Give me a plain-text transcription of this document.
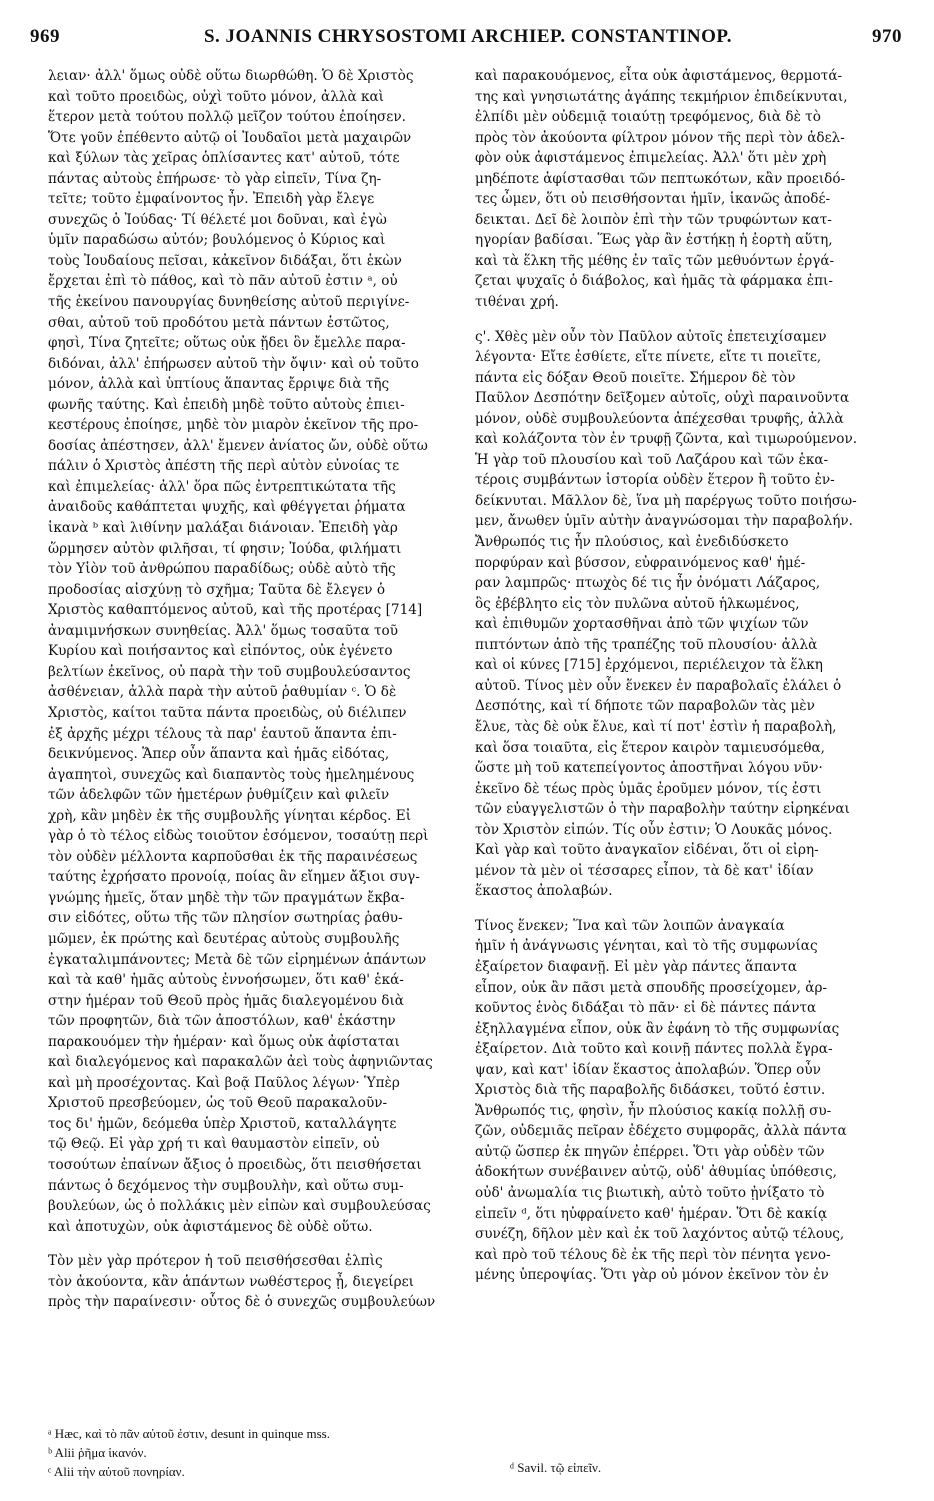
969	S. JOANNIS CHRYSOSTOMI ARCHIEP. CONSTANTINOP.	970

λειαν· ἀλλ' ὅμως οὐδὲ οὕτω διωρθώθη. Ὁ δὲ Χριστὸς
καὶ τοῦτο προειδὼς, οὐχὶ τοῦτο μόνον, ἀλλὰ καὶ
ἕτερον μετὰ τούτου πολλῷ μεῖζον τούτου ἐποίησεν.
Ὅτε γοῦν ἐπέθεντο αὐτῷ οἱ Ἰουδαῖοι μετὰ μαχαιρῶν
καὶ ξύλων τὰς χεῖρας ὁπλίσαντες κατ' αὐτοῦ, τότε
πάντας αὐτοὺς ἐπήρωσε· τὸ γὰρ εἰπεῖν, Τίνα ζη-
τεῖτε; τοῦτο ἐμφαίνοντος ἦν. Ἐπειδὴ γὰρ ἔλεγε
συνεχῶς ὁ Ἰούδας· Τί θέλετέ μοι δοῦναι, καὶ ἐγὼ
ὑμῖν παραδώσω αὐτόν; βουλόμενος ὁ Κύριος καὶ
τοὺς Ἰουδαίους πεῖσαι, κἀκεῖνον διδάξαι, ὅτι ἑκὼν
ἔρχεται ἐπὶ τὸ πάθος, καὶ τὸ πᾶν αὐτοῦ ἐστιν ᵃ, οὐ
τῆς ἐκείνου πανουργίας δυνηθείσης αὐτοῦ περιγίνε-
σθαι, αὐτοῦ τοῦ προδότου μετὰ πάντων ἑστῶτος,
φησὶ, Τίνα ζητεῖτε; οὕτως οὐκ ᾔδει ὃν ἔμελλε παρα-
διδόναι, ἀλλ' ἐπήρωσεν αὐτοῦ τὴν ὄψιν· καὶ οὐ τοῦτο
μόνον, ἀλλὰ καὶ ὑπτίους ἅπαντας ἔρριψε διὰ τῆς
φωνῆς ταύτης. Καὶ ἐπειδὴ μηδὲ τοῦτο αὐτοὺς ἐπιει-
κεστέρους ἐποίησε, μηδὲ τὸν μιαρὸν ἐκεῖνον τῆς προ-
δοσίας ἀπέστησεν, ἀλλ' ἔμενεν ἀνίατος ὤν, οὐδὲ οὕτω
πάλιν ὁ Χριστὸς ἀπέστη τῆς περὶ αὐτὸν εὐνοίας τε
καὶ ἐπιμελείας· ἀλλ' ὅρα πῶς ἐντρεπτικώτατα τῆς
ἀναιδοῦς καθάπτεται ψυχῆς, καὶ φθέγγεται ῥήματα
ἱκανὰ ᵇ καὶ λιθίνην μαλάξαι διάνοιαν. Ἐπειδὴ γὰρ
ὥρμησεν αὐτὸν φιλῆσαι, τί φησιν; Ἰούδα, φιλήματι
τὸν Υἱὸν τοῦ ἀνθρώπου παραδίδως; οὐδὲ αὐτὸ τῆς
προδοσίας αἰσχύνῃ τὸ σχῆμα; Ταῦτα δὲ ἔλεγεν ὁ
Χριστὸς καθαπτόμενος αὐτοῦ, καὶ τῆς προτέρας [714]
ἀναμιμνήσκων συνηθείας. Ἀλλ' ὅμως τοσαῦτα τοῦ
Κυρίου καὶ ποιήσαντος καὶ εἰπόντος, οὐκ ἐγένετο
βελτίων ἐκεῖνος, οὐ παρὰ τὴν τοῦ συμβουλεύσαντος
ἀσθένειαν, ἀλλὰ παρὰ τὴν αὐτοῦ ῥαθυμίαν ᶜ. Ὁ δὲ
Χριστὸς, καίτοι ταῦτα πάντα προειδὼς, οὐ διέλιπεν
ἐξ ἀρχῆς μέχρι τέλους τὰ παρ' ἑαυτοῦ ἅπαντα ἐπι-
δεικνύμενος. Ἅπερ οὖν ἅπαντα καὶ ἡμᾶς εἰδότας,
ἀγαπητοὶ, συνεχῶς καὶ διαπαντὸς τοὺς ἠμελημένους
τῶν ἀδελφῶν τῶν ἡμετέρων ῥυθμίζειν καὶ φιλεῖν
χρὴ, κἂν μηδὲν ἐκ τῆς συμβουλῆς γίνηται κέρδος. Εἰ
γὰρ ὁ τὸ τέλος εἰδὼς τοιοῦτον ἐσόμενον, τοσαύτῃ περὶ
τὸν οὐδὲν μέλλοντα καρποῦσθαι ἐκ τῆς παραινέσεως
ταύτης ἐχρήσατο προνοίᾳ, ποίας ἂν εἴημεν ἄξιοι συγ-
γνώμης ἡμεῖς, ὅταν μηδὲ τὴν τῶν πραγμάτων ἔκβα-
σιν εἰδότες, οὕτω τῆς τῶν πλησίον σωτηρίας ῥαθυ-
μῶμεν, ἐκ πρώτης καὶ δευτέρας αὐτοὺς συμβουλῆς
ἐγκαταλιμπάνοντες; Μετὰ δὲ τῶν εἰρημένων ἁπάντων
καὶ τὰ καθ' ἡμᾶς αὐτοὺς ἐννοήσωμεν, ὅτι καθ' ἑκά-
στην ἡμέραν τοῦ Θεοῦ πρὸς ἡμᾶς διαλεγομένου διὰ
τῶν προφητῶν, διὰ τῶν ἀποστόλων, καθ' ἑκάστην
παρακουόμεν τὴν ἡμέραν· καὶ ὅμως οὐκ ἀφίσταται
καὶ διαλεγόμενος καὶ παρακαλῶν ἀεὶ τοὺς ἀφηνιῶντας
καὶ μὴ προσέχοντας. Καὶ βοᾷ Παῦλος λέγων· Ὑπὲρ
Χριστοῦ πρεσβεύομεν, ὡς τοῦ Θεοῦ παρακαλοῦν-
τος δι' ἡμῶν, δεόμεθα ὑπὲρ Χριστοῦ, καταλλάγητε
τῷ Θεῷ. Εἰ γὰρ χρή τι καὶ θαυμαστὸν εἰπεῖν, οὐ
τοσούτων ἐπαίνων ἄξιος ὁ προειδὼς, ὅτι πεισθήσεται
πάντως ὁ δεχόμενος τὴν συμβουλὴν, καὶ οὕτω συμ-
βουλεύων, ὡς ὁ πολλάκις μὲν εἰπὼν καὶ συμβουλεύσας
καὶ ἀποτυχὼν, οὐκ ἀφιστάμενος δὲ οὐδὲ οὕτω.

Τὸν μὲν γὰρ πρότερον ἡ τοῦ πεισθήσεσθαι ἐλπὶς
τὸν ἀκούοντα, κἂν ἁπάντων νωθέστερος ᾖ, διεγείρει
πρὸς τὴν παραίνεσιν· οὗτος δὲ ὁ συνεχῶς συμβουλεύων

καὶ παρακουόμενος, εἶτα οὐκ ἀφιστάμενος, θερμοτά-
της καὶ γνησιωτάτης ἀγάπης τεκμήριον ἐπιδείκνυται,
ἐλπίδι μὲν οὐδεμιᾷ τοιαύτῃ τρεφόμενος, διὰ δὲ τὸ
πρὸς τὸν ἀκούοντα φίλτρον μόνον τῆς περὶ τὸν ἀδελ-
φὸν οὐκ ἀφιστάμενος ἐπιμελείας. Ἀλλ' ὅτι μὲν χρὴ
μηδέποτε ἀφίστασθαι τῶν πεπτωκότων, κἂν προειδό-
τες ὦμεν, ὅτι οὐ πεισθήσονται ἡμῖν, ἱκανῶς ἀποδέ-
δεικται. Δεῖ δὲ λοιπὸν ἐπὶ τὴν τῶν τρυφώντων κατ-
ηγορίαν βαδίσαι. Ἕως γὰρ ἂν ἑστήκῃ ἡ ἑορτὴ αὕτη,
καὶ τὰ ἕλκη τῆς μέθης ἐν ταῖς τῶν μεθυόντων ἐργά-
ζεται ψυχαῖς ὁ διάβολος, καὶ ἡμᾶς τὰ φάρμακα ἐπι-
τιθέναι χρή.

ς'. Χθὲς μὲν οὖν τὸν Παῦλον αὐτοῖς ἐπετειχίσαμεν
λέγοντα· Εἴτε ἐσθίετε, εἴτε πίνετε, εἴτε τι ποιεῖτε,
πάντα εἰς δόξαν Θεοῦ ποιεῖτε. Σήμερον δὲ τὸν
Παῦλον Δεσπότην δεῖξομεν αὐτοῖς, οὐχὶ παραινοῦντα
μόνον, οὐδὲ συμβουλεύοντα ἀπέχεσθαι τρυφῆς, ἀλλὰ
καὶ κολάζοντα τὸν ἐν τρυφῇ ζῶντα, καὶ τιμωρούμενον.
Ἡ γὰρ τοῦ πλουσίου καὶ τοῦ Λαζάρου καὶ τῶν ἑκα-
τέροις συμβάντων ἱστορία οὐδὲν ἕτερον ἢ τοῦτο ἐν-
δείκνυται. Μᾶλλον δὲ, ἵνα μὴ παρέργως τοῦτο ποιήσω-
μεν, ἄνωθεν ὑμῖν αὐτὴν ἀναγνώσομαι τὴν παραβολήν.
Ἄνθρωπός τις ἦν πλούσιος, καὶ ἐνεδιδύσκετο
πορφύραν καὶ βύσσον, εὐφραινόμενος καθ' ἡμέ-
ραν λαμπρῶς· πτωχὸς δέ τις ἦν ὀνόματι Λάζαρος,
ὃς ἐβέβλητο εἰς τὸν πυλῶνα αὐτοῦ ἡλκωμένος,
καὶ ἐπιθυμῶν χορτασθῆναι ἀπὸ τῶν ψιχίων τῶν
πιπτόντων ἀπὸ τῆς τραπέζης τοῦ πλουσίου· ἀλλὰ
καὶ οἱ κύνες [715] ἐρχόμενοι, περιέλειχον τὰ ἕλκη
αὐτοῦ. Τίνος μὲν οὖν ἕνεκεν ἐν παραβολαῖς ἐλάλει ὁ
Δεσπότης, καὶ τί δήποτε τῶν παραβολῶν τὰς μὲν
ἔλυε, τὰς δὲ οὐκ ἔλυε, καὶ τί ποτ' ἐστὶν ἡ παραβολὴ,
καὶ ὅσα τοιαῦτα, εἰς ἕτερον καιρὸν ταμιευσόμεθα,
ὥστε μὴ τοῦ κατεπείγοντος ἀποστῆναι λόγου νῦν·
ἐκεῖνο δὲ τέως πρὸς ὑμᾶς ἐροῦμεν μόνον, τίς ἐστι
τῶν εὐαγγελιστῶν ὁ τὴν παραβολὴν ταύτην εἰρηκέναι
τὸν Χριστὸν εἰπών. Τίς οὖν ἐστιν; Ὁ Λουκᾶς μόνος.
Καὶ γὰρ καὶ τοῦτο ἀναγκαῖον εἰδέναι, ὅτι οἱ εἰρη-
μένον τὰ μὲν οἱ τέσσαρες εἶπον, τὰ δὲ κατ' ἰδίαν
ἕκαστος ἀπολαβών.

Τίνος ἕνεκεν; Ἵνα καὶ τῶν λοιπῶν ἀναγκαία
ἡμῖν ἡ ἀνάγνωσις γένηται, καὶ τὸ τῆς συμφωνίας
ἐξαίρετον διαφανῇ. Εἰ μὲν γὰρ πάντες ἅπαντα
εἶπον, οὐκ ἂν πᾶσι μετὰ σπουδῆς προσείχομεν, ἀρ-
κοῦντος ἑνὸς διδάξαι τὸ πᾶν· εἰ δὲ πάντες πάντα
ἐξηλλαγμένα εἶπον, οὐκ ἂν ἐφάνη τὸ τῆς συμφωνίας
ἐξαίρετον. Διὰ τοῦτο καὶ κοινῇ πάντες πολλὰ ἔγρα-
ψαν, καὶ κατ' ἰδίαν ἕκαστος ἀπολαβών. Ὅπερ οὖν
Χριστὸς διὰ τῆς παραβολῆς διδάσκει, τοῦτό ἐστιν.
Ἄνθρωπός τις, φησὶν, ἦν πλούσιος κακίᾳ πολλῇ συ-
ζῶν, οὐδεμιᾶς πεῖραν ἐδέχετο συμφορᾶς, ἀλλὰ πάντα
αὐτῷ ὥσπερ ἐκ πηγῶν ἐπέρρει. Ὅτι γὰρ οὐδὲν τῶν
ἀδοκήτων συνέβαινεν αὐτῷ, οὐδ' ἀθυμίας ὑπόθεσις,
οὐδ' ἀνωμαλία τις βιωτικὴ, αὐτὸ τοῦτο ᾐνίξατο τὸ
εἰπεῖν ᵈ, ὅτι ηὐφραίνετο καθ' ἡμέραν. Ὅτι δὲ κακίᾳ
συνέζη, δῆλον μὲν καὶ ἐκ τοῦ λαχόντος αὐτῷ τέλους,
καὶ πρὸ τοῦ τέλους δὲ ἐκ τῆς περὶ τὸν πένητα γενο-
μένης ὑπεροψίας. Ὅτι γὰρ οὐ μόνον ἐκεῖνον τὸν ἐν

ᵃ Hæc, καὶ τὸ πᾶν αὐτοῦ ἐστιν, desunt in quinque mss.
ᵇ Alii ῥῆμα ἱκανόν.
ᶜ Alii τὴν αὐτοῦ πονηρίαν.	ᵈ Savil. τῷ εἰπεῖν.
